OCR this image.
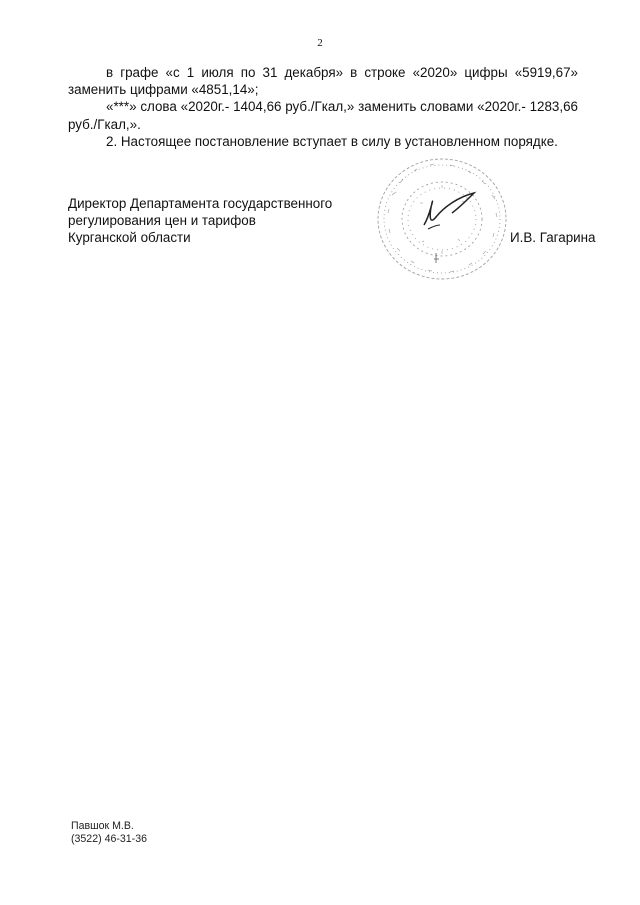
2

в графе «с 1 июля по 31 декабря» в строке «2020» цифры «5919,67» заменить цифрами «4851,14»;

«***» слова «2020г.- 1404,66 руб./Гкал,» заменить словами «2020г.- 1283,66 руб./Гкал,».

2. Настоящее постановление вступает в силу в установленном порядке.

Директор Департамента государственного
регулирования цен и тарифов
Курганской области	И.В. Гагарина
Павшок М.В.
(3522) 46-31-36
